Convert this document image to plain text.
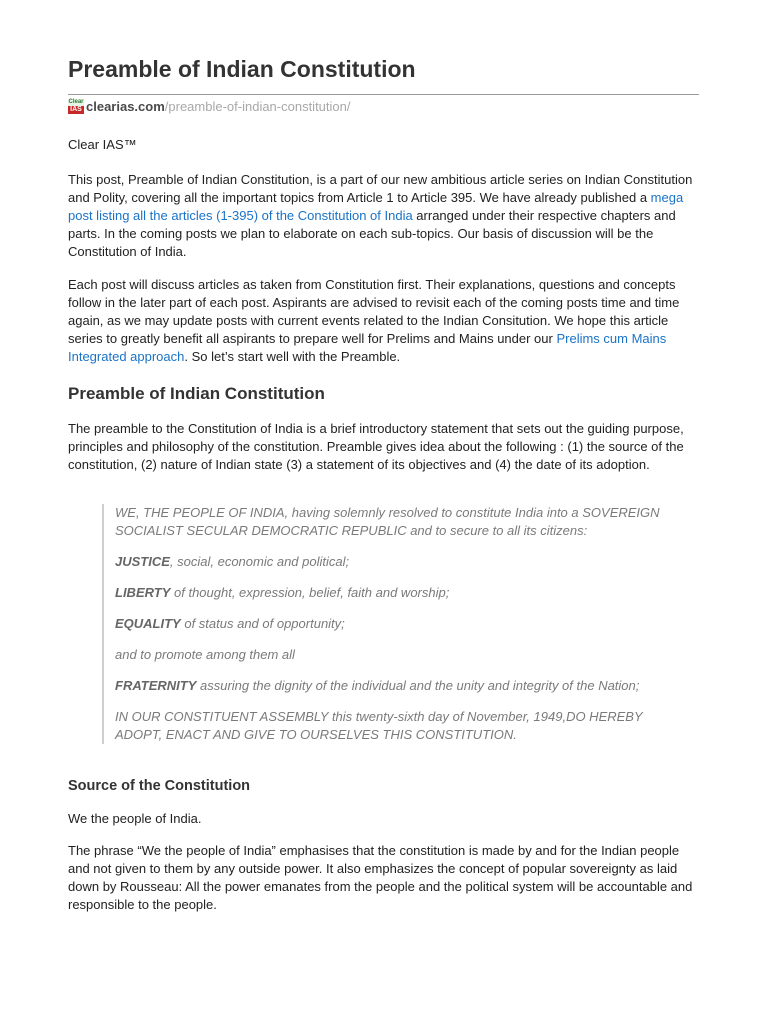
Preamble of Indian Constitution
Clear
IAS clearias.com/preamble-of-indian-constitution/

Clear IAS™

This post, Preamble of Indian Constitution, is a part of our new ambitious article series on Indian Constitution and Polity, covering all the important topics from Article 1 to Article 395. We have already published a mega post listing all the articles (1-395) of the Constitution of India arranged under their respective chapters and parts. In the coming posts we plan to elaborate on each sub-topics. Our basis of discussion will be the Constitution of India.

Each post will discuss articles as taken from Constitution first. Their explanations, questions and concepts follow in the later part of each post. Aspirants are advised to revisit each of the coming posts time and time again, as we may update posts with current events related to the Indian Consitution. We hope this article series to greatly benefit all aspirants to prepare well for Prelims and Mains under our Prelims cum Mains Integrated approach. So let’s start well with the Preamble.

Preamble of Indian Constitution

The preamble to the Constitution of India is a brief introductory statement that sets out the guiding purpose, principles and philosophy of the constitution. Preamble gives idea about the following : (1) the source of the constitution, (2) nature of Indian state (3) a statement of its objectives and (4) the date of its adoption.

WE, THE PEOPLE OF INDIA, having solemnly resolved to constitute India into a SOVEREIGN SOCIALIST SECULAR DEMOCRATIC REPUBLIC and to secure to all its citizens:

JUSTICE, social, economic and political;

LIBERTY of thought, expression, belief, faith and worship;

EQUALITY of status and of opportunity;

and to promote among them all

FRATERNITY assuring the dignity of the individual and the unity and integrity of the Nation;

IN OUR CONSTITUENT ASSEMBLY this twenty-sixth day of November, 1949,DO HEREBY ADOPT, ENACT AND GIVE TO OURSELVES THIS CONSTITUTION.

Source of the Constitution

We the people of India.

The phrase “We the people of India” emphasises that the constitution is made by and for the Indian people and not given to them by any outside power. It also emphasizes the concept of popular sovereignty as laid down by Rousseau: All the power emanates from the people and the political system will be accountable and responsible to the people.
